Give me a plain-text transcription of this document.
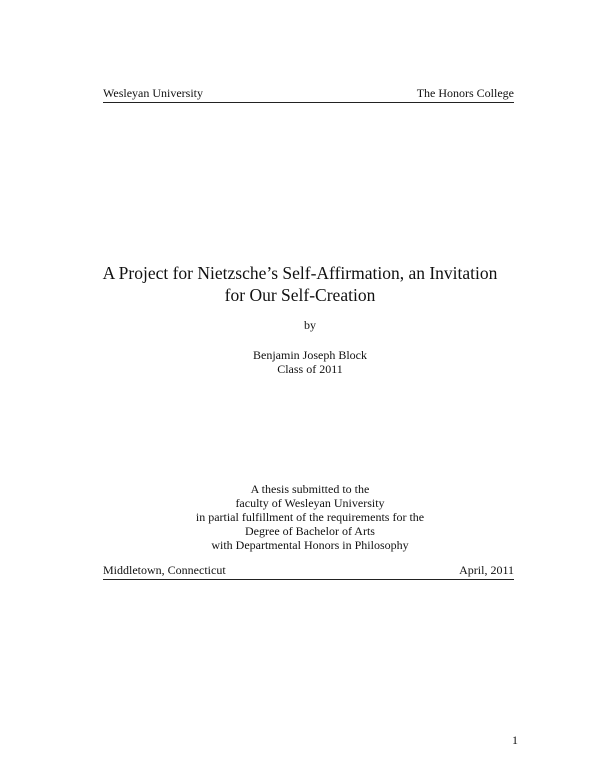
Wesleyan University	The Honors College
A Project for Nietzsche’s Self-Affirmation, an Invitation
for Our Self-Creation
by
Benjamin Joseph Block
Class of 2011
A thesis submitted to the
faculty of Wesleyan University
in partial fulfillment of the requirements for the
Degree of Bachelor of Arts
with Departmental Honors in Philosophy
Middletown, Connecticut	April, 2011
1
